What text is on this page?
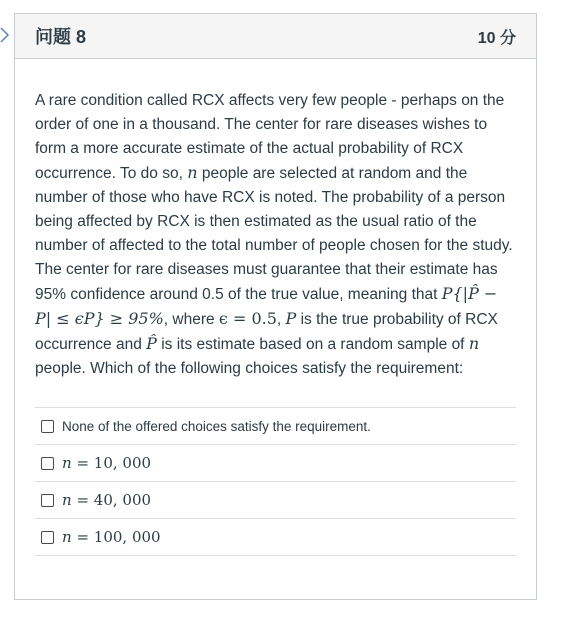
问题 8	10 分

A rare condition called RCX affects very few people - perhaps on the order of one in a thousand. The center for rare diseases wishes to form a more accurate estimate of the actual probability of RCX occurrence. To do so, n people are selected at random and the number of those who have RCX is noted. The probability of a person being affected by RCX is then estimated as the usual ratio of the number of affected to the total number of people chosen for the study. The center for rare diseases must guarantee that their estimate has 95% confidence around 0.5 of the true value, meaning that P{|P̂ − P| ≤ ϵP} ≥ 95%, where ϵ = 0.5, P is the true probability of RCX occurrence and P̂ is its estimate based on a random sample of n people. Which of the following choices satisfy the requirement:

None of the offered choices satisfy the requirement.
n = 10, 000
n = 40, 000
n = 100, 000
